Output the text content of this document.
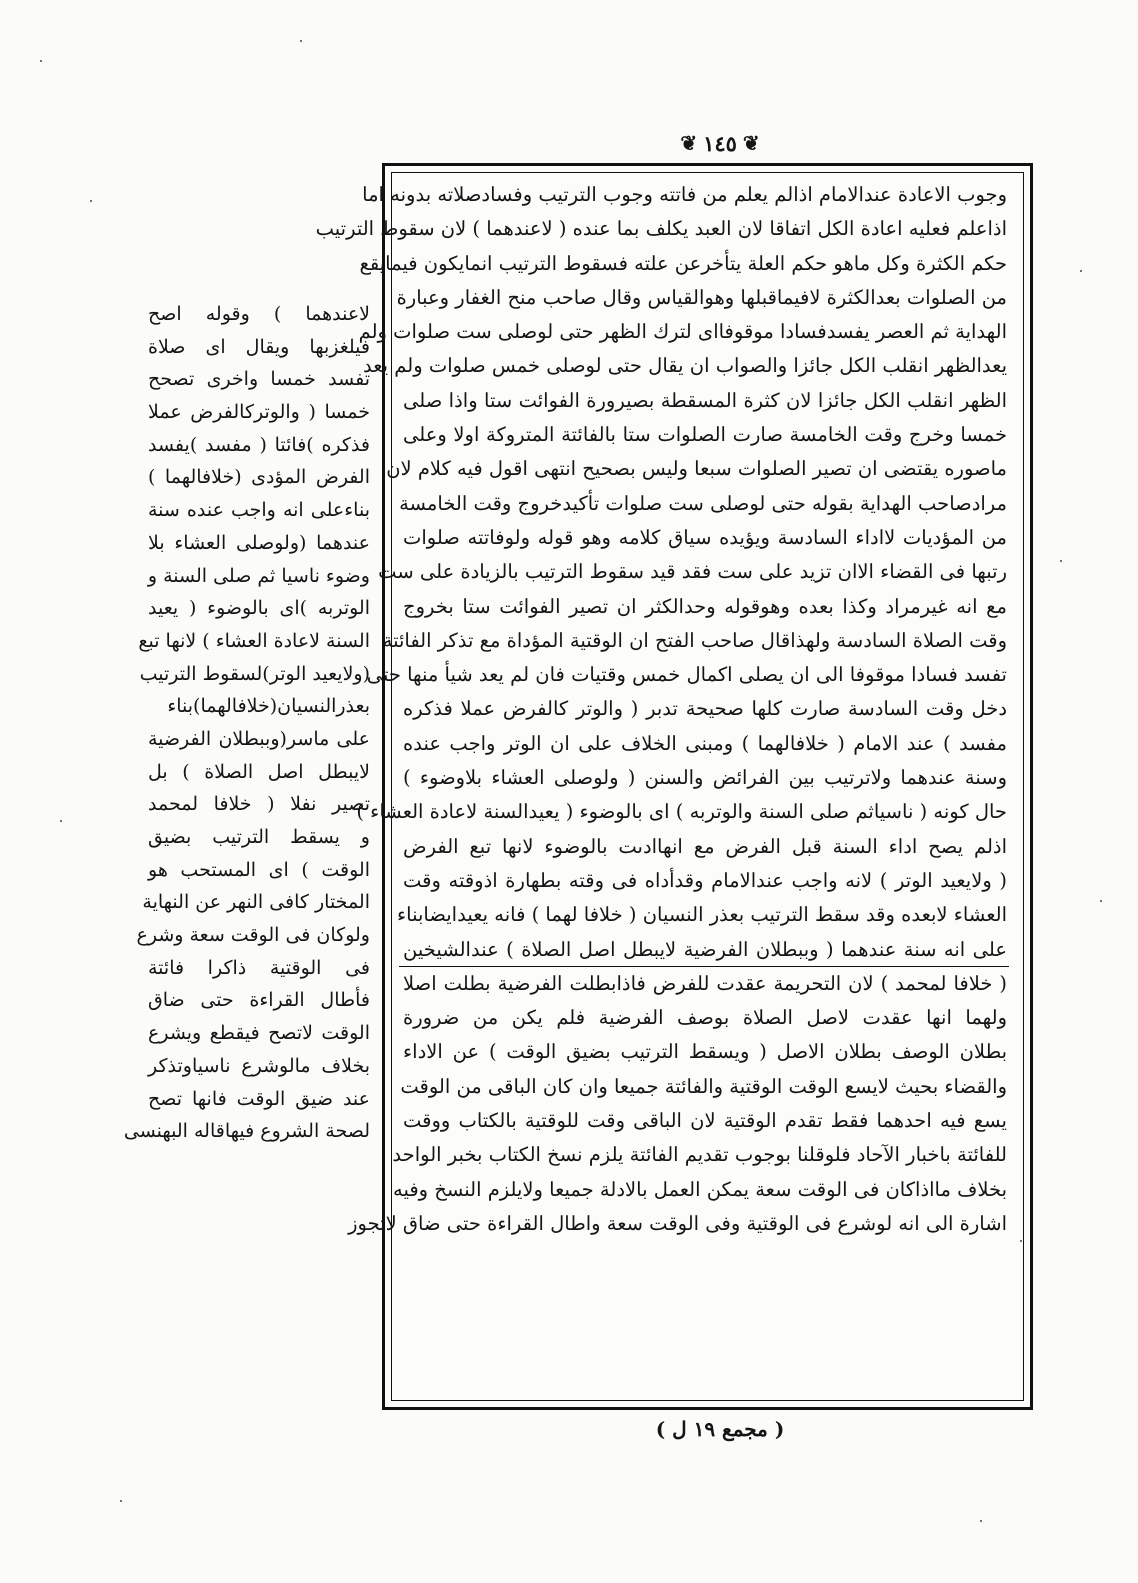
❦
١٤٥
❦
لاعندهما ) وقوله اصح
فيلغزبها ويقال اى صلاة
تفسد خمسا واخرى تصحح
خمسا ( والوتركالفرض عملا
فذكره )فائتا ( مفسد )يفسد
الفرض المؤدى (خلافالهما )
بناءعلى انه واجب عنده سنة
عندهما (ولوصلى العشاء بلا
وضوء ناسيا ثم صلى السنة و
الوتربه )اى بالوضوء ( يعيد
السنة لاعادة العشاء ) لانها تبع
(ولايعيد الوتر)لسقوط الترتيب
بعذرالنسيان(خلافالهما)بناء
على ماسر(وببطلان الفرضية
لايبطل اصل الصلاة ) بل
تصير نفلا ( خلافا لمحمد
و يسقط الترتيب بضيق
الوقت ) اى المستحب هو
المختار كافى النهر عن النهاية
ولوكان فى الوقت سعة وشرع
فى الوقتية ذاكرا فائتة
فأطال القراءة حتى ضاق
الوقت لاتصح فيقطع ويشرع
بخلاف مالوشرع ناسياوتذكر
عند ضيق الوقت فانها تصح
لصحة الشروع فيهاقاله البهنسى
وجوب الاعادة عندالامام اذالم يعلم من فاتته وجوب الترتيب وفسادصلاته بدونه اما
اذاعلم فعليه اعادة الكل اتفاقا لان العبد يكلف بما عنده ( لاعندهما ) لان سقوط الترتيب
حكم الكثرة وكل ماهو حكم العلة يتأخرعن علته فسقوط الترتيب انمايكون فيمايقع
من الصلوات بعدالكثرة لافيماقبلها وهوالقياس وقال صاحب منح الغفار وعبارة
الهداية ثم العصر يفسدفسادا موقوفااى لترك الظهر حتى لوصلى ست صلوات ولم
يعدالظهر انقلب الكل جائزا والصواب ان يقال حتى لوصلى خمس صلوات ولم يعد
الظهر انقلب الكل جائزا لان كثرة المسقطة بصيرورة الفوائت ستا واذا صلى
خمسا وخرج وقت الخامسة صارت الصلوات ستا بالفائتة المتروكة اولا وعلى
ماصوره يقتضى ان تصير الصلوات سبعا وليس بصحيح انتهى اقول فيه كلام لان
مرادصاحب الهداية بقوله حتى لوصلى ست صلوات تأكيدخروج وقت الخامسة
من المؤديات لااداء السادسة ويؤيده سياق كلامه وهو قوله ولوفاتته صلوات
رتبها فى القضاء الاان تزيد على ست فقد قيد سقوط الترتيب بالزيادة على ست
مع انه غيرمراد وكذا بعده وهوقوله وحدالكثر ان تصير الفوائت ستا بخروج
وقت الصلاة السادسة ولهذاقال صاحب الفتح ان الوقتية المؤداة مع تذكر الفائتة
تفسد فسادا موقوفا الى ان يصلى اكمال خمس وقتيات فان لم يعد شيأ منها حتى
دخل وقت السادسة صارت كلها صحيحة تدبر ( والوتر كالفرض عملا فذكره
مفسد ) عند الامام ( خلافالهما ) ومبنى الخلاف على ان الوتر واجب عنده
وسنة عندهما ولاترتيب بين الفرائض والسنن ( ولوصلى العشاء بلاوضوء )
حال كونه ( ناسياثم صلى السنة والوتربه ) اى بالوضوء ( يعيدالسنة لاعادة العشاء )
اذلم يصح اداء السنة قبل الفرض مع انهاادىت بالوضوء لانها تبع الفرض
( ولايعيد الوتر ) لانه واجب عندالامام وقدأداه فى وقته بطهارة اذوقته وقت
العشاء لابعده وقد سقط الترتيب بعذر النسيان ( خلافا لهما ) فانه يعيدايضابناء
على انه سنة عندهما ( وببطلان الفرضية لايبطل اصل الصلاة ) عندالشيخين
( خلافا لمحمد ) لان التحريمة عقدت للفرض فاذابطلت الفرضية بطلت اصلا
ولهما انها عقدت لاصل الصلاة بوصف الفرضية فلم يكن من ضرورة
بطلان الوصف بطلان الاصل ( ويسقط الترتيب بضيق الوقت ) عن الاداء
والقضاء بحيث لايسع الوقت الوقتية والفائتة جميعا وان كان الباقى من الوقت
يسع فيه احدهما فقط تقدم الوقتية لان الباقى وقت للوقتية بالكتاب ووقت
للفائتة باخبار الآحاد فلوقلنا بوجوب تقديم الفائتة يلزم نسخ الكتاب بخبر الواحد
بخلاف مااذاكان فى الوقت سعة يمكن العمل بالادلة جميعا ولايلزم النسخ وفيه
اشارة الى انه لوشرع فى الوقتية وفى الوقت سعة واطال القراءة حتى ضاق لاتجوز
( مجمع ١٩ ل )
